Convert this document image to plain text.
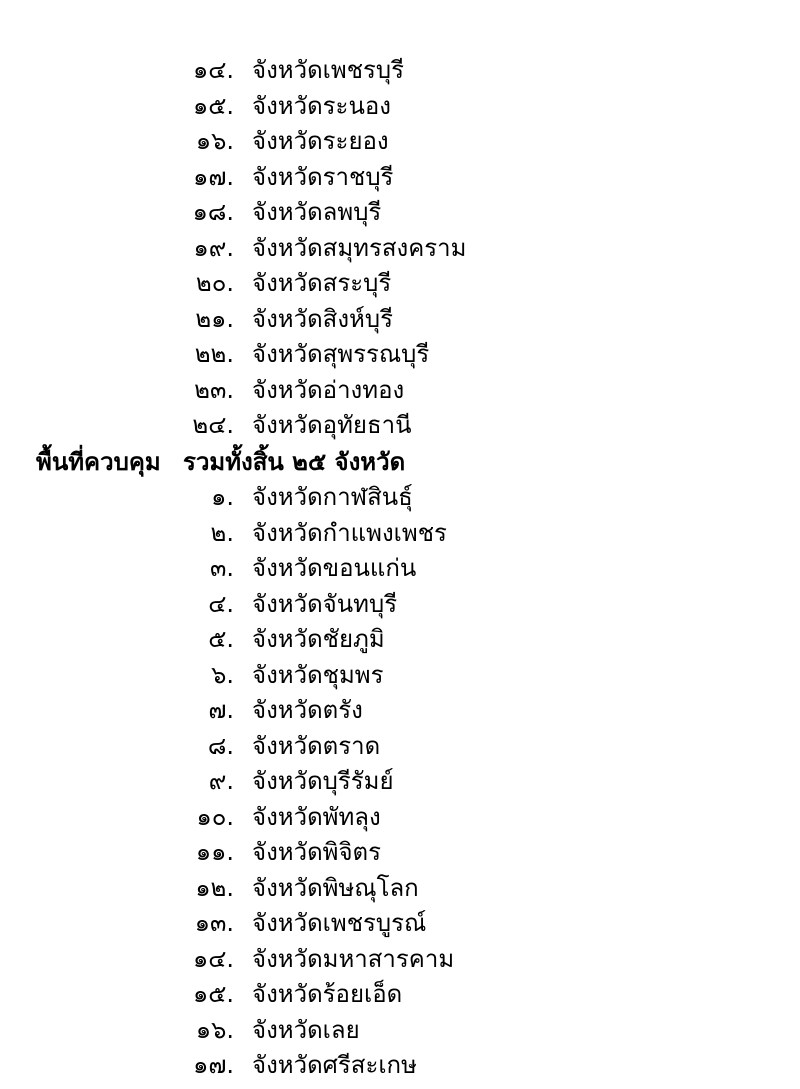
๑๔. จังหวัดเพชรบุรี
๑๕. จังหวัดระนอง
๑๖. จังหวัดระยอง
๑๗. จังหวัดราชบุรี
๑๘. จังหวัดลพบุรี
๑๙. จังหวัดสมุทรสงคราม
๒๐. จังหวัดสระบุรี
๒๑. จังหวัดสิงห์บุรี
๒๒. จังหวัดสุพรรณบุรี
๒๓. จังหวัดอ่างทอง
๒๔. จังหวัดอุทัยธานี
พื้นที่ควบคุม รวมทั้งสิ้น ๒๕ จังหวัด
๑. จังหวัดกาฬสินธุ์
๒. จังหวัดกำแพงเพชร
๓. จังหวัดขอนแก่น
๔. จังหวัดจันทบุรี
๕. จังหวัดชัยภูมิ
๖. จังหวัดชุมพร
๗. จังหวัดตรัง
๘. จังหวัดตราด
๙. จังหวัดบุรีรัมย์
๑๐. จังหวัดพัทลุง
๑๑. จังหวัดพิจิตร
๑๒. จังหวัดพิษณุโลก
๑๓. จังหวัดเพชรบูรณ์
๑๔. จังหวัดมหาสารคาม
๑๕. จังหวัดร้อยเอ็ด
๑๖. จังหวัดเลย
๑๗. จังหวัดศรีสะเกษ
